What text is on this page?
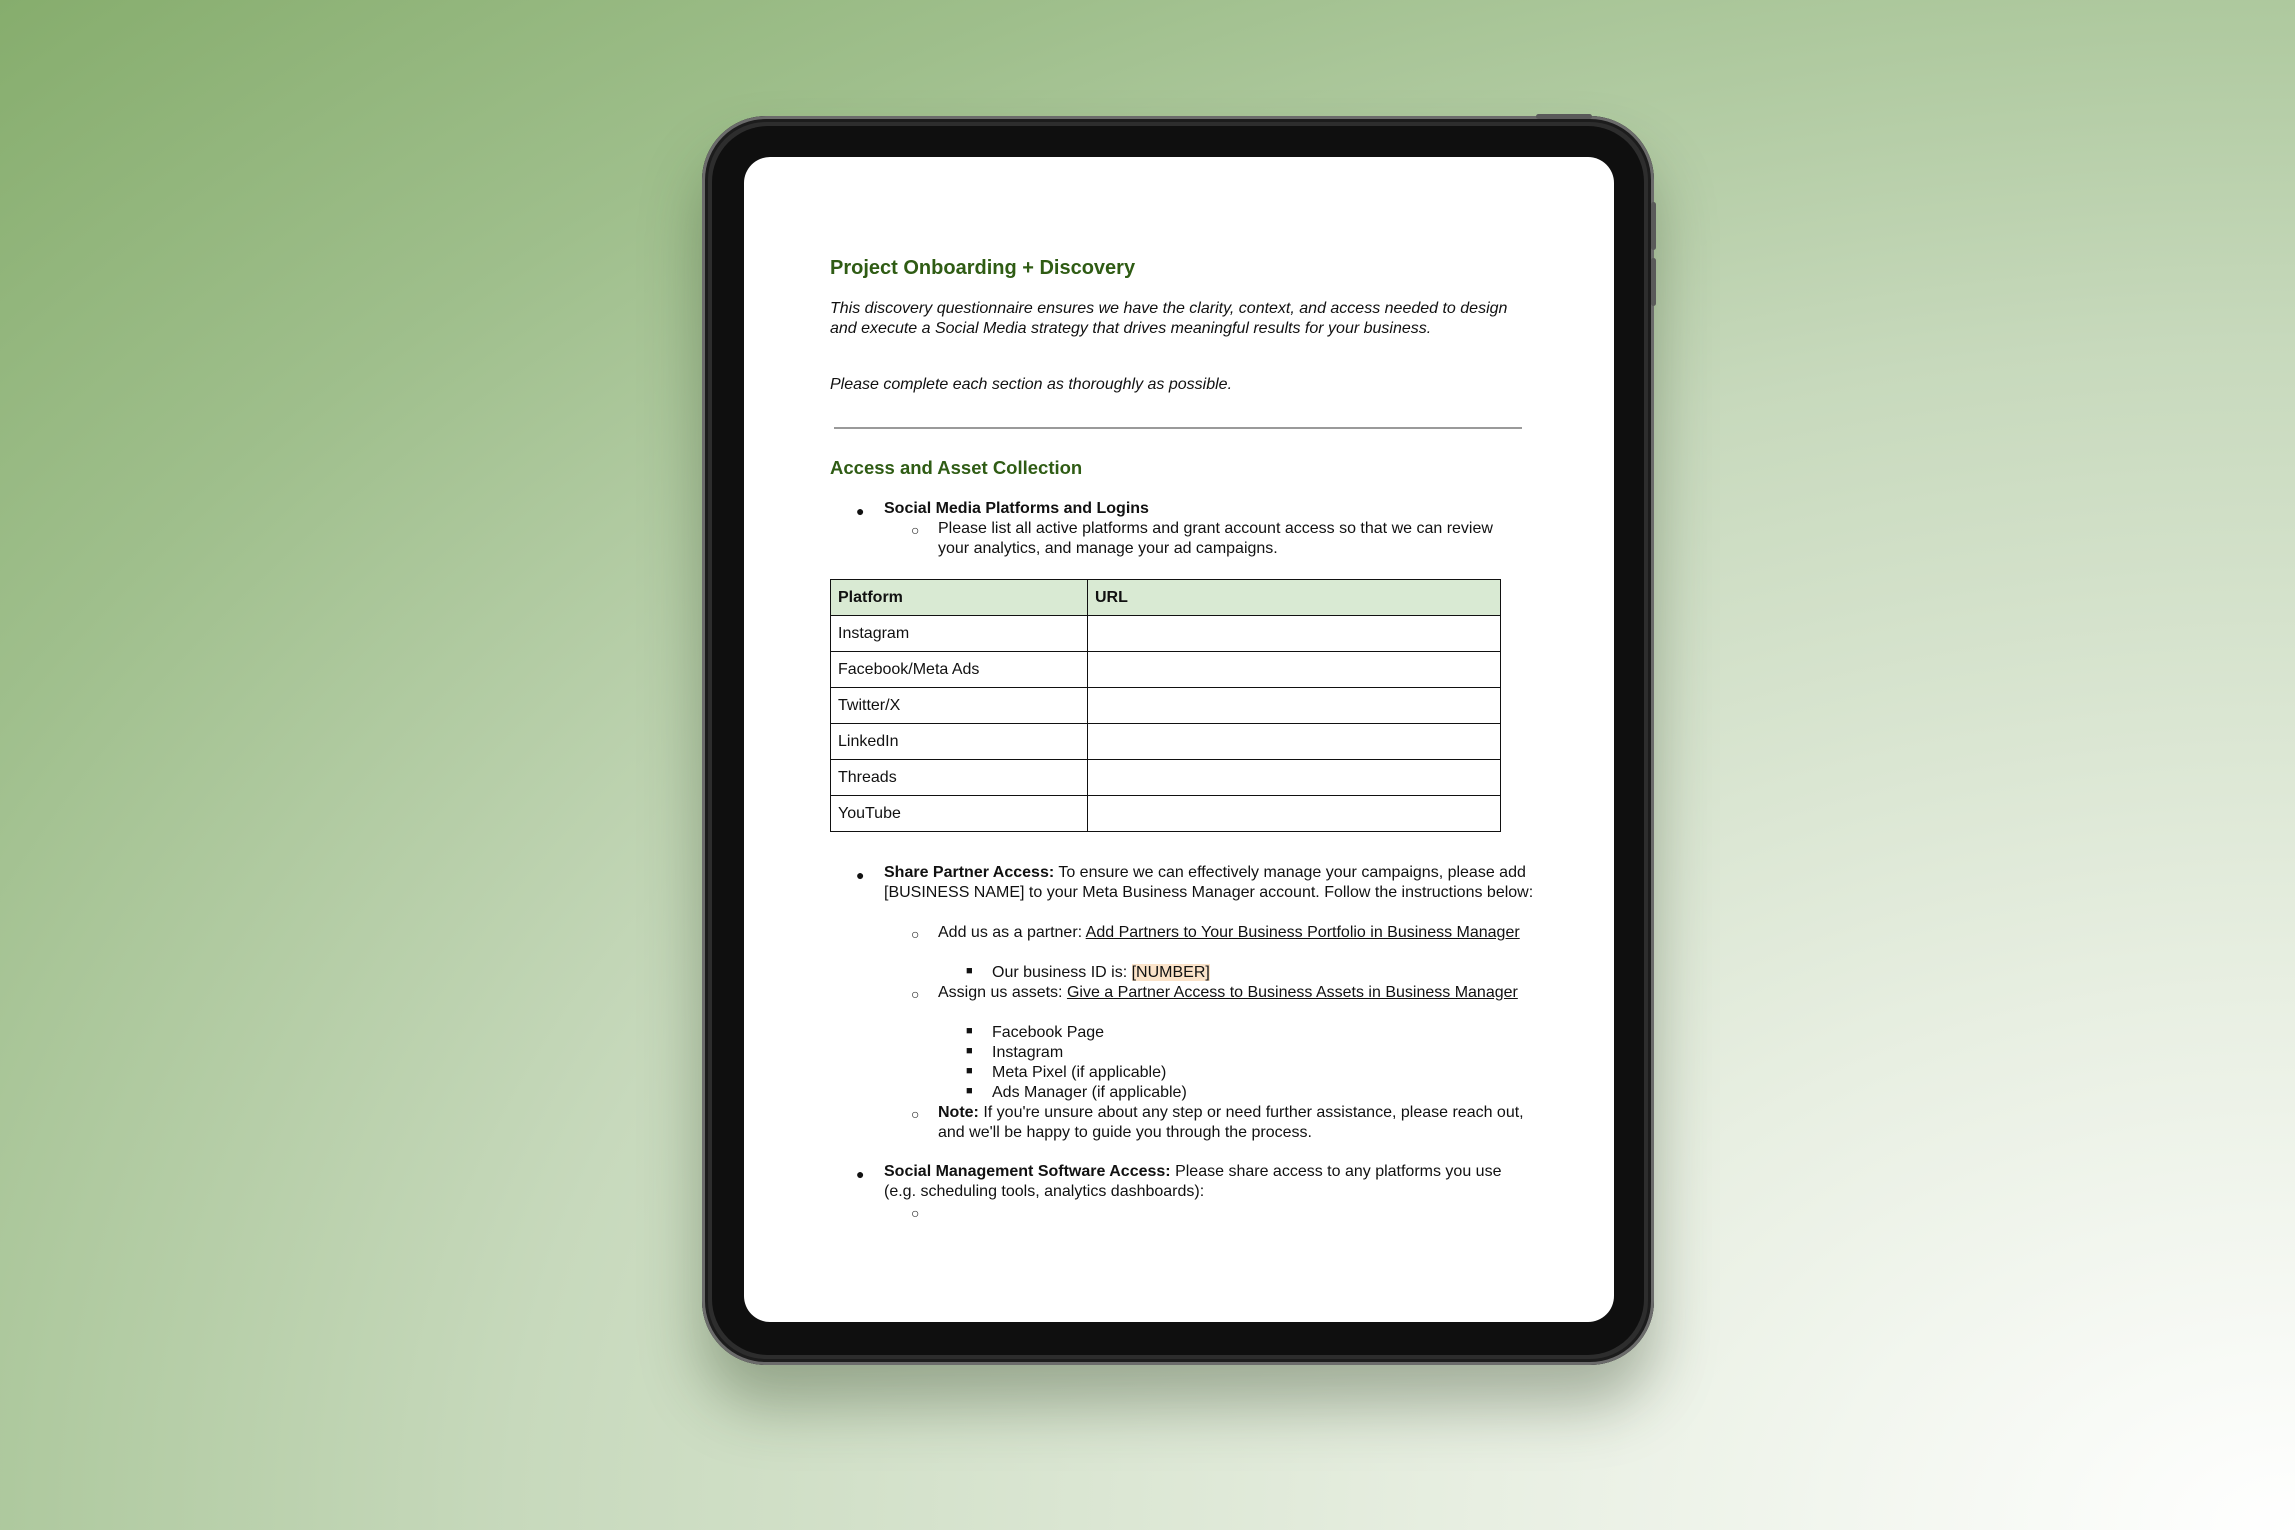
Project Onboarding + Discovery

This discovery questionnaire ensures we have the clarity, context, and access needed to design and execute a Social Media strategy that drives meaningful results for your business.

Please complete each section as thoroughly as possible.

Access and Asset Collection
● Social Media Platforms and Logins
○ Please list all active platforms and grant account access so that we can review your analytics, and manage your ad campaigns.
Platform	URL
Instagram	
Facebook/Meta Ads	
Twitter/X	
LinkedIn	
Threads	
YouTube	
● Share Partner Access: To ensure we can effectively manage your campaigns, please add [BUSINESS NAME] to your Meta Business Manager account. Follow the instructions below:
○ Add us as a partner: Add Partners to Your Business Portfolio in Business Manager
■ Our business ID is: [NUMBER]
○ Assign us assets: Give a Partner Access to Business Assets in Business Manager
■ Facebook Page
■ Instagram
■ Meta Pixel (if applicable)
■ Ads Manager (if applicable)
○ Note: If you're unsure about any step or need further assistance, please reach out, and we'll be happy to guide you through the process.
● Social Management Software Access: Please share access to any platforms you use (e.g. scheduling tools, analytics dashboards):
○
